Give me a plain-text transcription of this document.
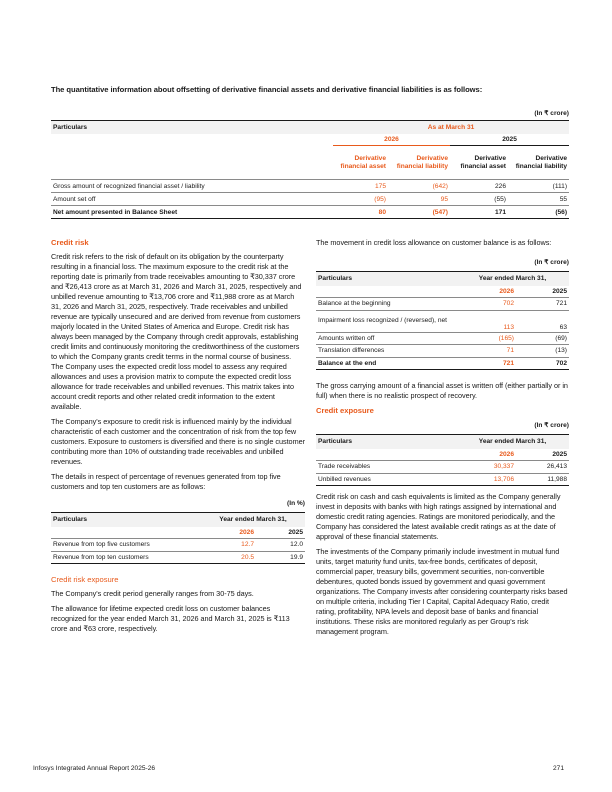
The quantitative information about offsetting of derivative financial assets and derivative financial liabilities is as follows:
(In ₹ crore)
Particulars	As at March 31			
	2026		2025	
	Derivative financial asset	Derivative financial liability	Derivative financial asset	Derivative financial liability
Gross amount of recognized financial asset / liability	175	(642)	226	(111)
Amount set off	(95)	95	(55)	55
Net amount presented in Balance Sheet	80	(547)	171	(56)
Credit risk

Credit risk refers to the risk of default on its obligation by the counterparty resulting in a financial loss. The maximum exposure to the credit risk at the reporting date is primarily from trade receivables amounting to ₹30,337 crore and ₹26,413 crore as at March 31, 2026 and March 31, 2025, respectively and unbilled revenue amounting to ₹13,706 crore and ₹11,988 crore as at March 31, 2026 and March 31, 2025, respectively. Trade receivables and unbilled revenue are typically unsecured and are derived from revenue from customers majorly located in the United States of America and Europe. Credit risk has always been managed by the Company through credit approvals, establishing credit limits and continuously monitoring the creditworthiness of the customers to which the Company grants credit terms in the normal course of business. The Company uses the expected credit loss model to assess any required allowances and uses a provision matrix to compute the expected credit loss allowance for trade receivables and unbilled revenues. This matrix takes into account credit reports and other related credit information to the extent available.

The Company's exposure to credit risk is influenced mainly by the individual characteristic of each customer and the concentration of risk from the top few customers. Exposure to customers is diversified and there is no single customer contributing more than 10% of outstanding trade receivables and unbilled revenues.

The details in respect of percentage of revenues generated from top five customers and top ten customers are as follows:

(In %)
Particulars	Year ended March 31,	
	2026	2025
Revenue from top five customers	12.7	12.0
Revenue from top ten customers	20.5	19.9
Credit risk exposure

The Company's credit period generally ranges from 30-75 days.

The allowance for lifetime expected credit loss on customer balances recognized for the year ended March 31, 2026 and March 31, 2025 is ₹113 crore and ₹63 crore, respectively.

The movement in credit loss allowance on customer balance is as follows:

(In ₹ crore)
Particulars	Year ended March 31,	
	2026	2025
Balance at the beginning	702	721
Impairment loss recognized / (reversed), net	113	63
Amounts written off	(165)	(69)
Translation differences	71	(13)
Balance at the end	721	702

The gross carrying amount of a financial asset is written off (either partially or in full) when there is no realistic prospect of recovery.

Credit exposure
(In ₹ crore)
Particulars	Year ended March 31,	
	2026	2025
Trade receivables	30,337	26,413
Unbilled revenues	13,706	11,988

Credit risk on cash and cash equivalents is limited as the Company generally invest in deposits with banks with high ratings assigned by international and domestic credit rating agencies. Ratings are monitored periodically, and the Company has considered the latest available credit ratings as at the date of approval of these financial statements.

The investments of the Company primarily include investment in mutual fund units, target maturity fund units, tax-free bonds, certificates of deposit, commercial paper, treasury bills, government securities, non-convertible debentures, quoted bonds issued by government and quasi government organizations. The Company invests after considering counterparty risks based on multiple criteria, including Tier I Capital, Capital Adequacy Ratio, credit rating, profitability, NPA levels and deposit base of banks and financial institutions. These risks are monitored regularly as per Group's risk management program.

Infosys Integrated Annual Report 2025-26	271
